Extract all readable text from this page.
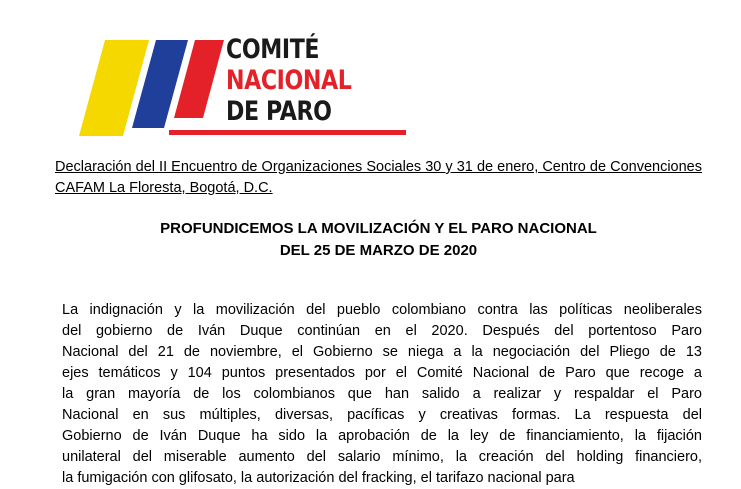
COMITÉ
NACIONAL
DE PARO
Declaración del II Encuentro de Organizaciones Sociales 30 y 31 de enero, Centro de Convenciones CAFAM La Floresta, Bogotá, D.C.
PROFUNDICEMOS LA MOVILIZACIÓN Y EL PARO NACIONAL
DEL 25 DE MARZO DE 2020
La indignación y la movilización del pueblo colombiano contra las políticas neoliberales
del gobierno de Iván Duque continúan en el 2020. Después del portentoso Paro
Nacional del 21 de noviembre, el Gobierno se niega a la negociación del Pliego de 13
ejes temáticos y 104 puntos presentados por el Comité Nacional de Paro que recoge a
la gran mayoría de los colombianos que han salido a realizar y respaldar el Paro
Nacional en sus múltiples, diversas, pacíficas y creativas formas. La respuesta del
Gobierno de Iván Duque ha sido la aprobación de la ley de financiamiento, la fijación
unilateral del miserable aumento del salario mínimo, la creación del holding financiero,
la fumigación con glifosato, la autorización del fracking, el tarifazo nacional para
